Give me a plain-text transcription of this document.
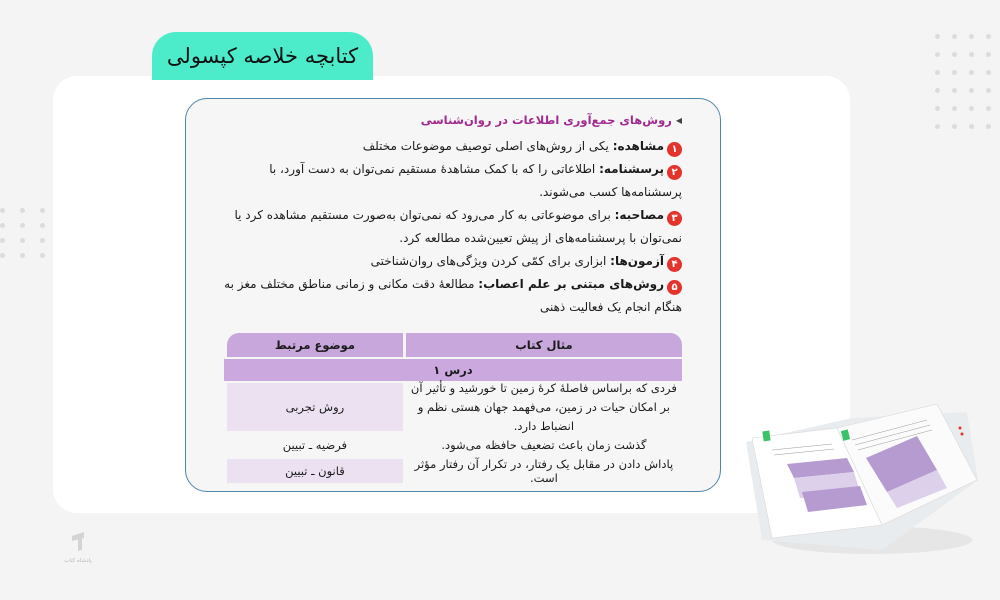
کتابچه خلاصه کپسولی
◀
روش‌های جمع‌آوری اطلاعات در روان‌شناسی
۱مشاهده: یکی از روش‌های اصلی توصیف موضوعات مختلف
۲پرسشنامه: اطلاعاتی را که با کمک مشاهدهٔ مستقیم نمی‌توان به دست آورد، با پرسشنامه‌ها کسب می‌شوند.
۳مصاحبه: برای موضوعاتی به کار می‌رود که نمی‌توان به‌صورت مستقیم مشاهده کرد یا نمی‌توان با پرسشنامه‌های از پیش تعیین‌شده مطالعه کرد.
۴آزمون‌ها: ابزاری برای کمّی کردن ویژگی‌های روان‌شناختی
۵روش‌های مبتنی بر علم اعصاب: مطالعهٔ دقت مکانی و زمانی مناطق مختلف مغز به هنگام انجام یک فعالیت ذهنی
مثال کتاب
موضوع مرتبط
درس ۱
فردی که براساس فاصلهٔ کرهٔ زمین تا خورشید و تأثیر آن بر امکان حیات در زمین، می‌فهمد جهان هستی نظم و انضباط دارد.
روش تجربی
گذشت زمان باعث تضعیف حافظه می‌شود.
فرضیه ـ تبیین
پاداش دادن در مقابل یک رفتار، در تکرار آن رفتار مؤثر است.
قانون ـ تبیین
پادشاه کتاب
